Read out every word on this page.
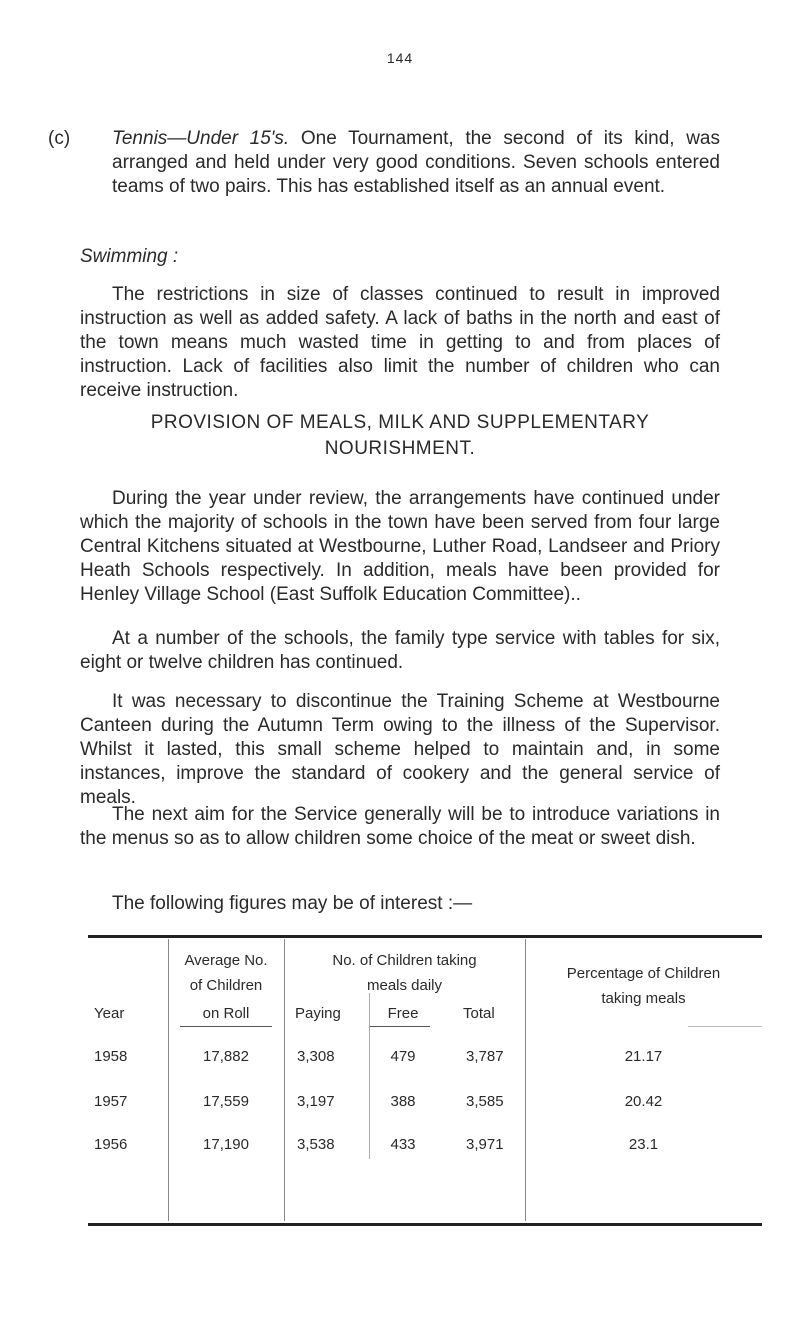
144
(c) Tennis—Under 15's. One Tournament, the second of its kind, was arranged and held under very good conditions. Seven schools entered teams of two pairs. This has established itself as an annual event.
Swimming :

The restrictions in size of classes continued to result in improved instruction as well as added safety. A lack of baths in the north and east of the town means much wasted time in getting to and from places of instruction. Lack of facilities also limit the number of children who can receive instruction.

PROVISION OF MEALS, MILK AND SUPPLEMENTARY
NOURISHMENT.

During the year under review, the arrangements have continued under which the majority of schools in the town have been served from four large Central Kitchens situated at Westbourne, Luther Road, Landseer and Priory Heath Schools respectively. In addition, meals have been provided for Henley Village School (East Suffolk Education Committee)..

At a number of the schools, the family type service with tables for six, eight or twelve children has continued.

It was necessary to discontinue the Training Scheme at Westbourne Canteen during the Autumn Term owing to the illness of the Supervisor. Whilst it lasted, this small scheme helped to maintain and, in some instances, improve the standard of cookery and the general service of meals.

The next aim for the Service generally will be to introduce variations in the menus so as to allow children some choice of the meat or sweet dish.

The following figures may be of interest :—

Year
Average No.
of Children
on Roll
No. of Children taking
meals daily
Paying	Free	Total
Percentage of Children
taking meals
1958	17,882	3,308	479	3,787	21.17
1957	17,559	3,197	388	3,585	20.42
1956	17,190	3,538	433	3,971	23.1
